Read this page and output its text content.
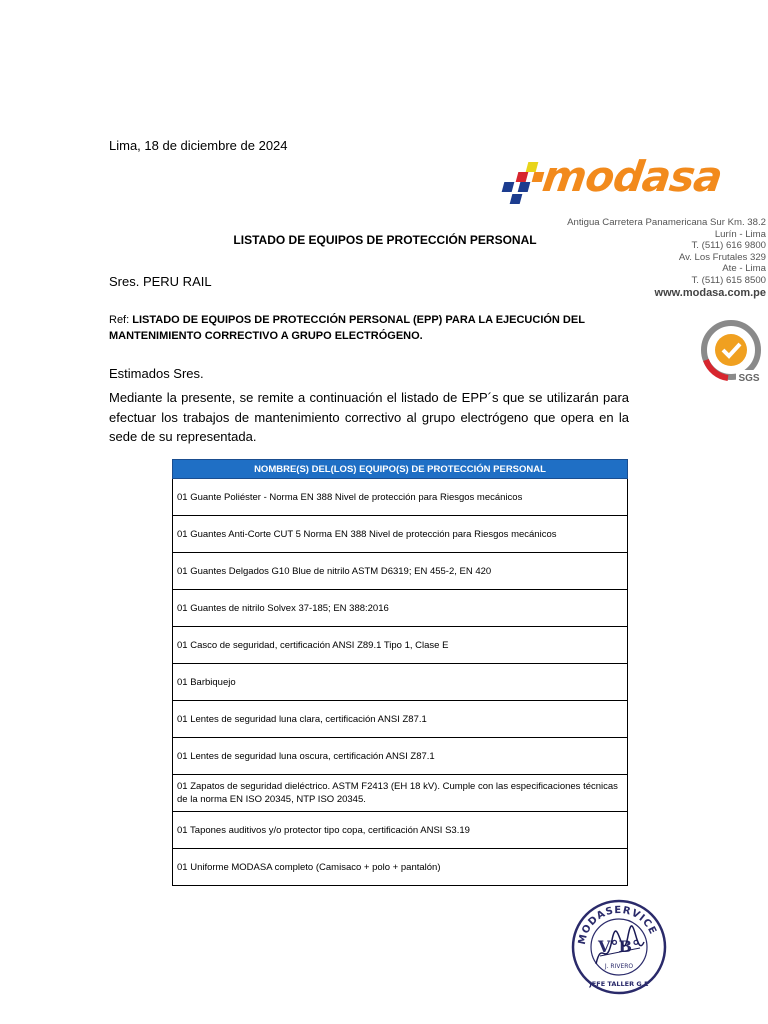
Lima, 18 de diciembre de 2024
modasa
Antigua Carretera Panamericana Sur Km. 38.2
Lurín - Lima
T. (511) 616 9800
Av. Los Frutales 329
Ate - Lima
T. (511) 615 8500
www.modasa.com.pe
SGS
LISTADO DE EQUIPOS DE PROTECCIÓN PERSONAL
Sres. PERU RAIL
Ref: LISTADO DE EQUIPOS DE PROTECCIÓN PERSONAL (EPP) PARA LA EJECUCIÓN DEL MANTENIMIENTO CORRECTIVO A GRUPO ELECTRÓGENO.
Estimados Sres.
Mediante la presente, se remite a continuación el listado de EPP´s que se utilizarán para efectuar los trabajos de mantenimiento correctivo al grupo electrógeno que opera en la sede de su representada.
NOMBRE(S) DEL(LOS) EQUIPO(S) DE PROTECCIÓN PERSONAL
01 Guante Poliéster - Norma EN 388 Nivel de protección para Riesgos mecánicos
01 Guantes Anti-Corte CUT 5 Norma EN 388 Nivel de protección para Riesgos mecánicos
01 Guantes Delgados G10 Blue de nitrilo ASTM D6319; EN 455-2, EN 420
01 Guantes de nitrilo Solvex 37-185; EN 388:2016
01 Casco de seguridad, certificación ANSI Z89.1 Tipo 1, Clase E
01 Barbiquejo
01 Lentes de seguridad luna clara, certificación ANSI Z87.1
01 Lentes de seguridad luna oscura, certificación ANSI Z87.1
01 Zapatos de seguridad dieléctrico. ASTM F2413 (EH 18 kV). Cumple con las especificaciones técnicas de la norma EN ISO 20345, NTP ISO 20345.
01 Tapones auditivos y/o protector tipo copa, certificación ANSI S3.19
01 Uniforme MODASA completo (Camisaco + polo + pantalón)
MODASERVICE
V°B°
J. RIVERO
JEFE TALLER G.E
